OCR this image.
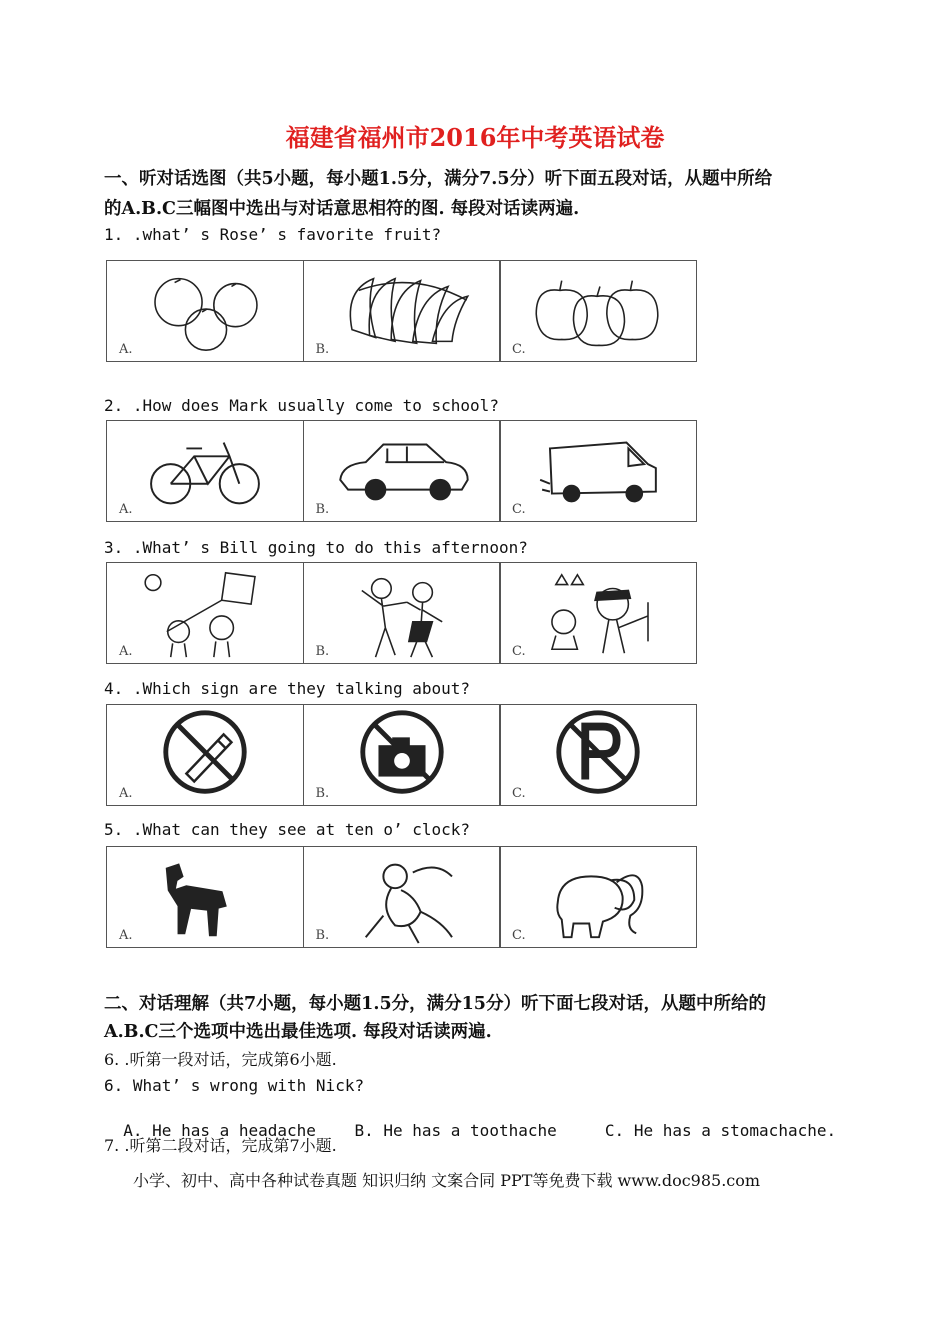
福建省福州市2016年中考英语试卷
一、听对话选图（共5小题，每小题1.5分，满分7.5分）听下面五段对话，从题中所给
的A.B.C三幅图中选出与对话意思相符的图. 每段对话读两遍.
1. .what’ s Rose’ s favorite fruit?
A.	B.	C.
2. .How does Mark usually come to school?
A.	B.	C.
3. .What’ s Bill going to do this afternoon?
A.	B.	C.
4. .Which sign are they talking about?
A.	B.	C.
5. .What can they see at ten o’ clock?
A.	B.	C.
二、对话理解（共7小题，每小题1.5分，满分15分）听下面七段对话，从题中所给的
A.B.C三个选项中选出最佳选项. 每段对话读两遍.
6. .听第一段对话，完成第6小题.
6. What’ s wrong with Nick?

A. He has a headache B. He has a toothache	C. He has a stomachache.

7. .听第二段对话，完成第7小题.
小学、初中、高中各种试卷真题 知识归纳 文案合同 PPT等免费下载 www.doc985.com
